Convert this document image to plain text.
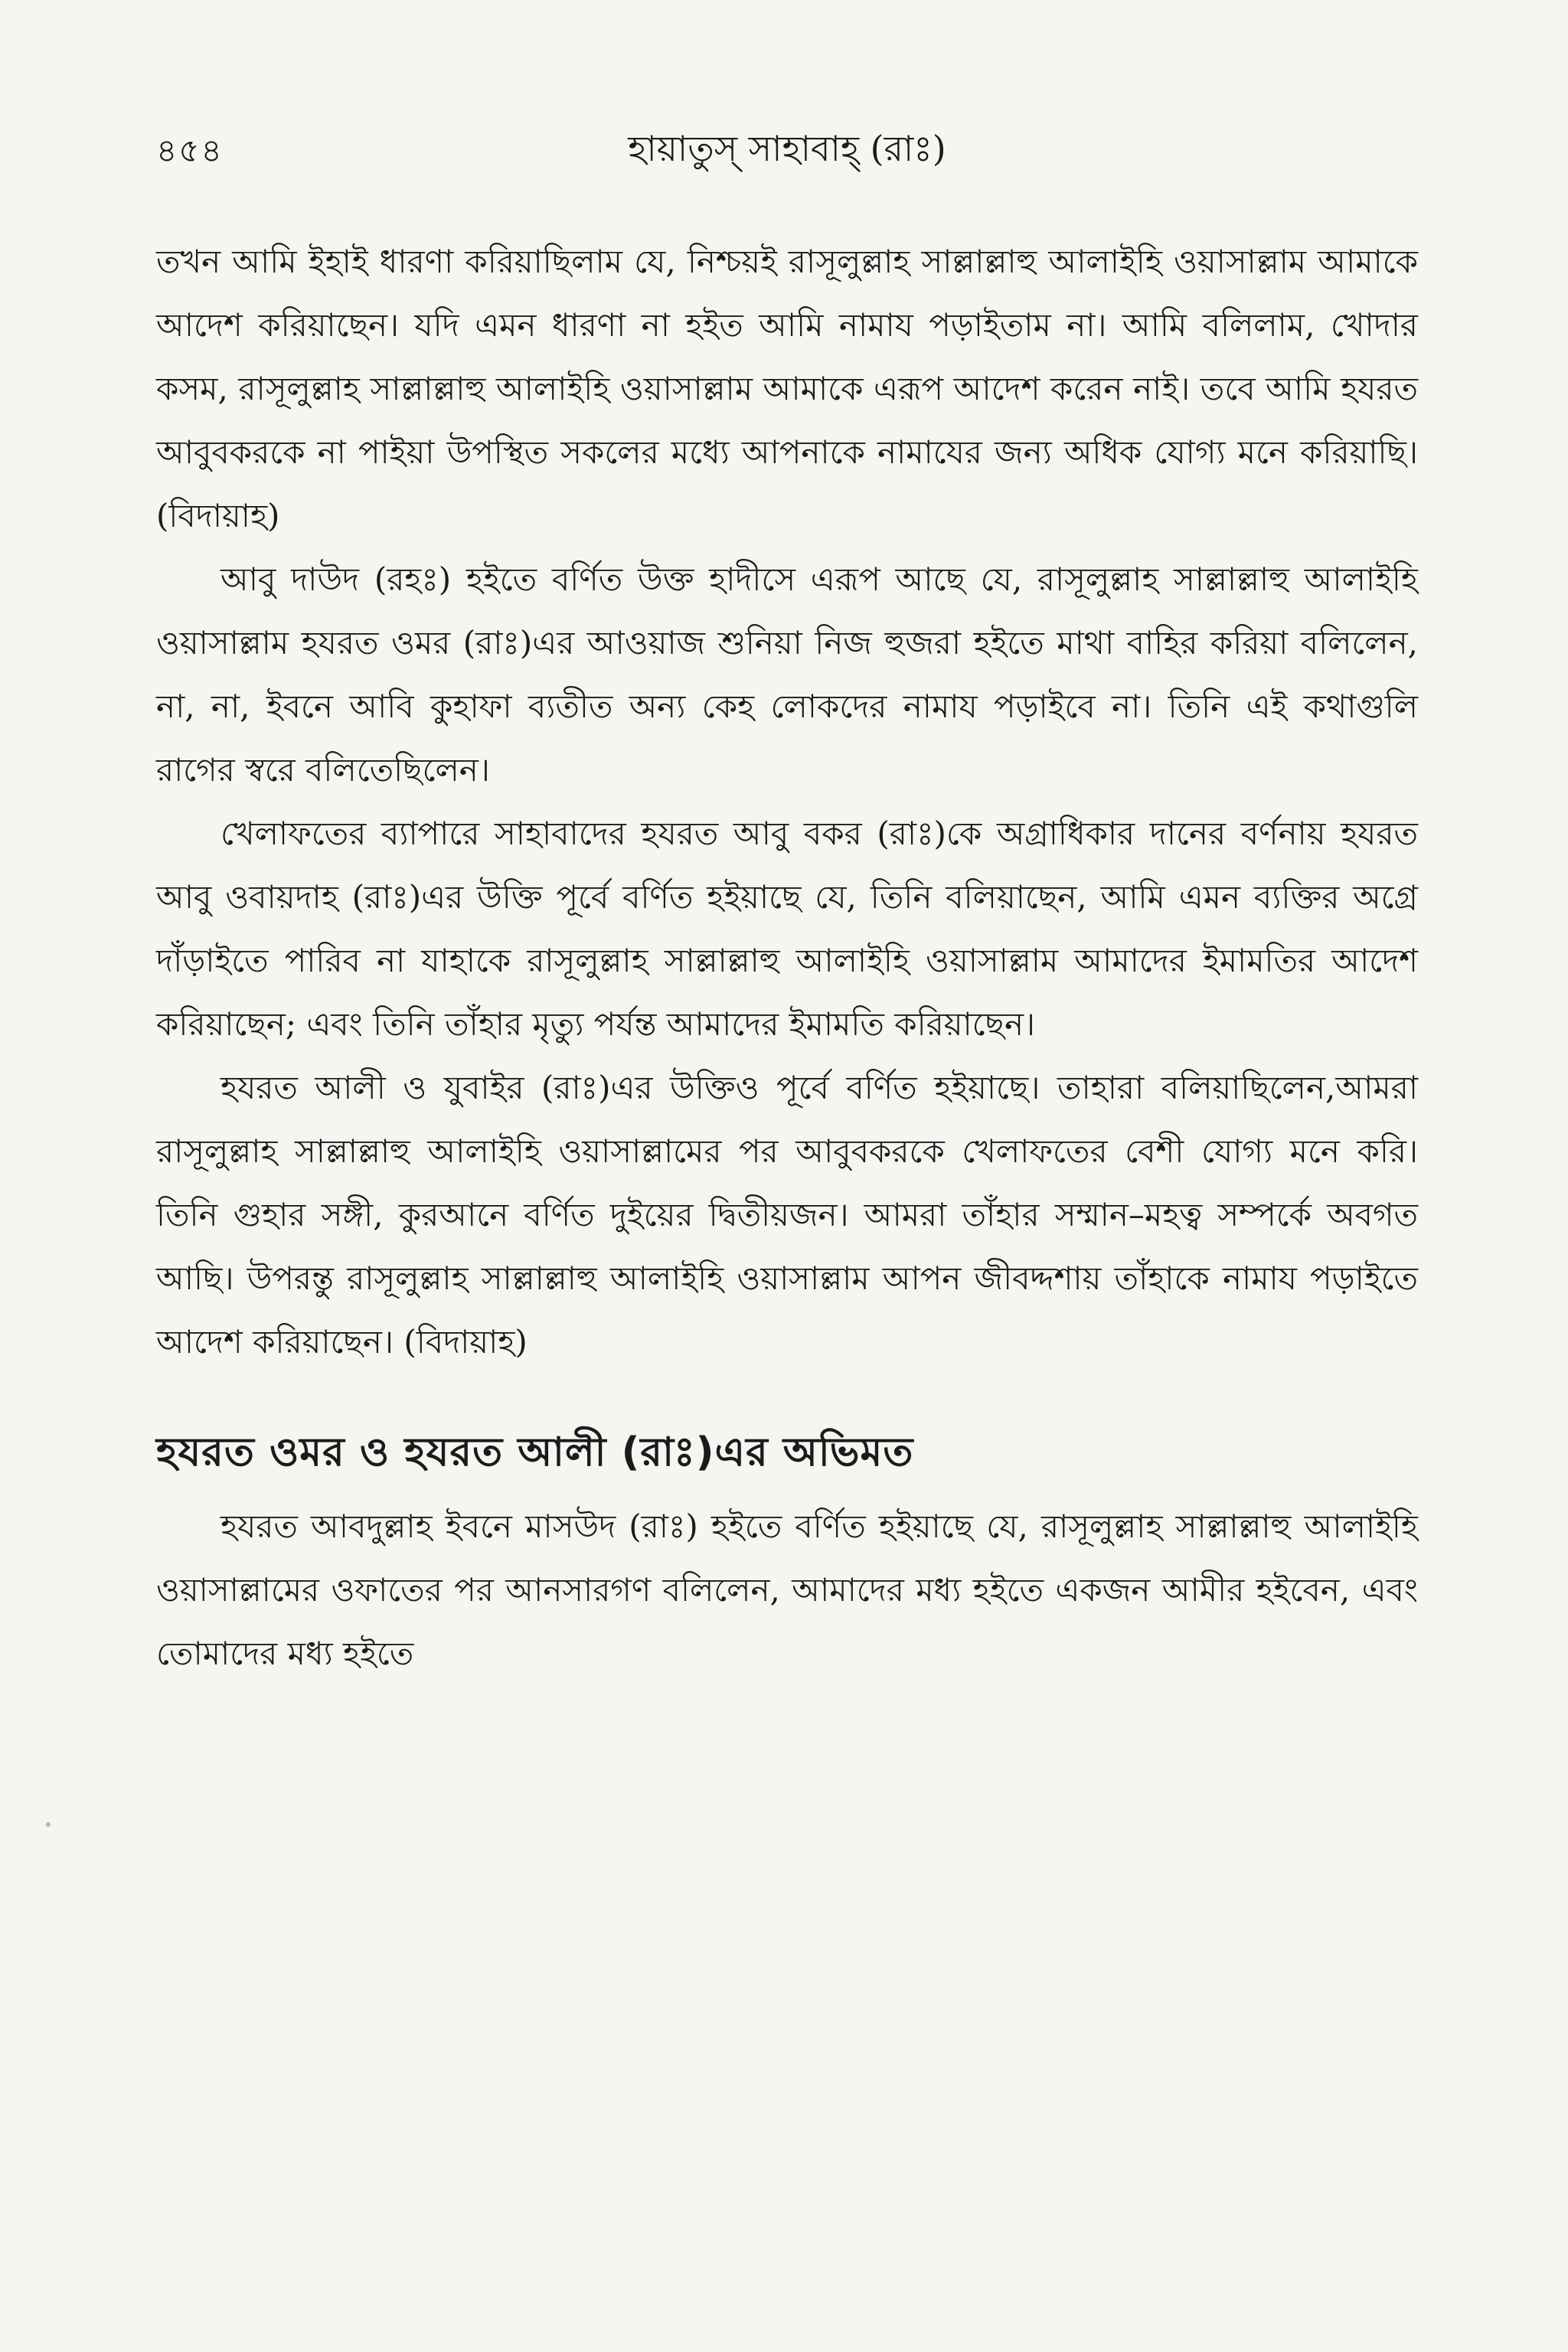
৪৫৪	হায়াতুস্ সাহাবাহ্ (রাঃ)

তখন আমি ইহাই ধারণা করিয়াছিলাম যে, নিশ্চয়ই রাসূলুল্লাহ সাল্লাল্লাহু আলাইহি ওয়াসাল্লাম আমাকে আদেশ করিয়াছেন। যদি এমন ধারণা না হইত আমি নামায পড়াইতাম না। আমি বলিলাম, খোদার কসম, রাসূলুল্লাহ সাল্লাল্লাহু আলাইহি ওয়াসাল্লাম আমাকে এরূপ আদেশ করেন নাই। তবে আমি হযরত আবুবকরকে না পাইয়া উপস্থিত সকলের মধ্যে আপনাকে নামাযের জন্য অধিক যোগ্য মনে করিয়াছি। (বিদায়াহ)

আবু দাউদ (রহঃ) হইতে বর্ণিত উক্ত হাদীসে এরূপ আছে যে, রাসূলুল্লাহ সাল্লাল্লাহু আলাইহি ওয়াসাল্লাম হযরত ওমর (রাঃ)এর আওয়াজ শুনিয়া নিজ হুজরা হইতে মাথা বাহির করিয়া বলিলেন, না, না, ইবনে আবি কুহাফা ব্যতীত অন্য কেহ লোকদের নামায পড়াইবে না। তিনি এই কথাগুলি রাগের স্বরে বলিতেছিলেন।

খেলাফতের ব্যাপারে সাহাবাদের হযরত আবু বকর (রাঃ)কে অগ্রাধিকার দানের বর্ণনায় হযরত আবু ওবায়দাহ (রাঃ)এর উক্তি পূর্বে বর্ণিত হইয়াছে যে, তিনি বলিয়াছেন, আমি এমন ব্যক্তির অগ্রে দাঁড়াইতে পারিব না যাহাকে রাসূলুল্লাহ সাল্লাল্লাহু আলাইহি ওয়াসাল্লাম আমাদের ইমামতির আদেশ করিয়াছেন; এবং তিনি তাঁহার মৃত্যু পর্যন্ত আমাদের ইমামতি করিয়াছেন।

হযরত আলী ও যুবাইর (রাঃ)এর উক্তিও পূর্বে বর্ণিত হইয়াছে। তাহারা বলিয়াছিলেন,আমরা রাসূলুল্লাহ সাল্লাল্লাহু আলাইহি ওয়াসাল্লামের পর আবুবকরকে খেলাফতের বেশী যোগ্য মনে করি। তিনি গুহার সঙ্গী, কুরআনে বর্ণিত দুইয়ের দ্বিতীয়জন। আমরা তাঁহার সম্মান–মহত্ব সম্পর্কে অবগত আছি। উপরন্তু রাসূলুল্লাহ সাল্লাল্লাহু আলাইহি ওয়াসাল্লাম আপন জীবদ্দশায় তাঁহাকে নামায পড়াইতে আদেশ করিয়াছেন। (বিদায়াহ)

হযরত ওমর ও হযরত আলী (রাঃ)এর অভিমত

হযরত আবদুল্লাহ ইবনে মাসউদ (রাঃ) হইতে বর্ণিত হইয়াছে যে, রাসূলুল্লাহ সাল্লাল্লাহু আলাইহি ওয়াসাল্লামের ওফাতের পর আনসারগণ বলিলেন, আমাদের মধ্য হইতে একজন আমীর হইবেন, এবং তোমাদের মধ্য হইতে
